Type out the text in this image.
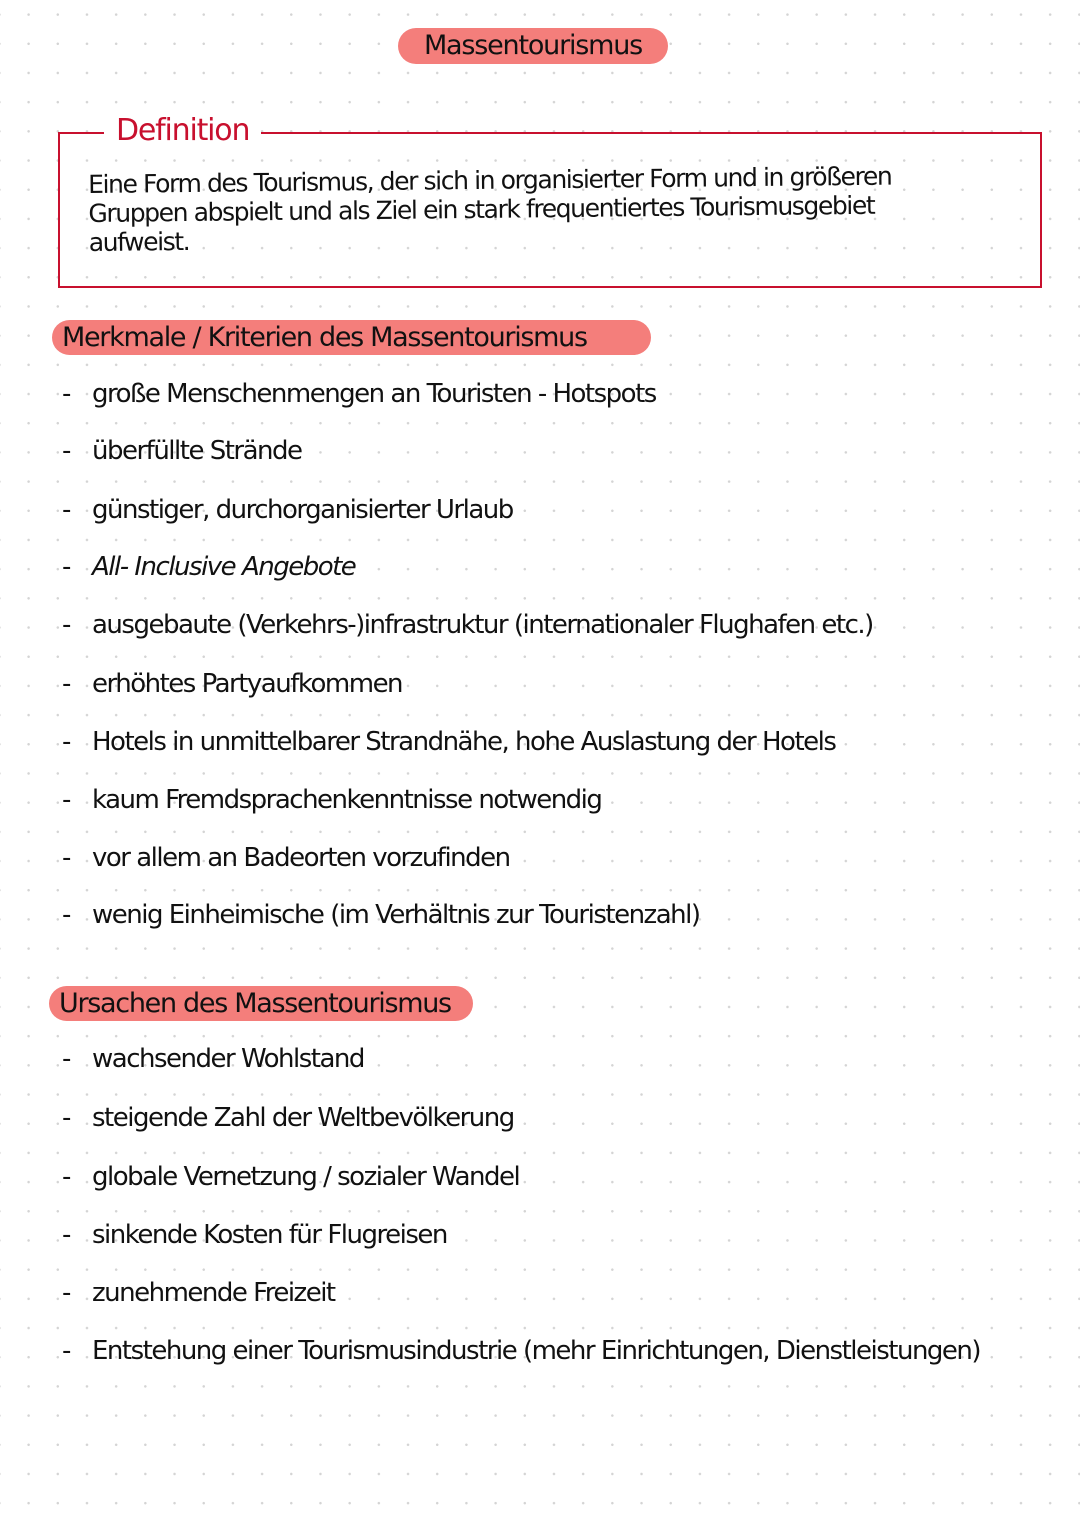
Massentourismus
Definition
Eine Form des Tourismus, der sich in organisierter Form und in größeren
Gruppen abspielt und als Ziel ein stark frequentiertes Tourismusgebiet
aufweist.
Merkmale / Kriterien des Massentourismus
- große Menschenmengen an Touristen - Hotspots
- überfüllte Strände
- günstiger, durchorganisierter Urlaub
- All- Inclusive Angebote
- ausgebaute (Verkehrs-)infrastruktur (internationaler Flughafen etc.)
- erhöhtes Partyaufkommen
- Hotels in unmittelbarer Strandnähe, hohe Auslastung der Hotels
- kaum Fremdsprachenkenntnisse notwendig
- vor allem an Badeorten vorzufinden
- wenig Einheimische (im Verhältnis zur Touristenzahl)
Ursachen des Massentourismus
- wachsender Wohlstand
- steigende Zahl der Weltbevölkerung
- globale Vernetzung / sozialer Wandel
- sinkende Kosten für Flugreisen
- zunehmende Freizeit
- Entstehung einer Tourismusindustrie (mehr Einrichtungen, Dienstleistungen)
